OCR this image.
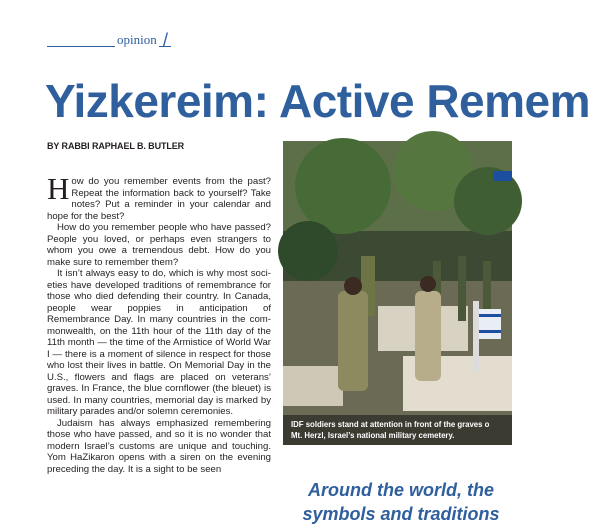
opinion /
Yizkereim: Active Remem
BY RABBI RAPHAEL B. BUTLER

How do you remember events from the past? Repeat the information back to yourself? Take notes? Put a reminder in your calendar and hope for the best?

How do you remember people who have passed? People you loved, or perhaps even strangers to whom you owe a tremendous debt. How do you make sure to remember them?

It isn’t always easy to do, which is why most societies have developed traditions of remembrance for those who died defending their country. In Canada, people wear poppies in anticipation of Remembrance Day. In many countries in the commonwealth, on the 11th hour of the 11th day of the 11th month — the time of the Armistice of World War I — there is a moment of silence in respect for those who lost their lives in battle. On Memorial Day in the U.S., flowers and flags are placed on veterans’ graves. In France, the blue cornflower (the bleuet) is used. In many countries, memorial day is marked by military parades and/or solemn ceremonies.

Judaism has always emphasized remembering those who have passed, and so it is no wonder that modern Israel’s customs are unique and touching. Yom HaZikaron opens with a siren on the evening preceding the day. It is a sight to be seen

IDF soldiers stand at attention in front of the graves o
Mt. Herzl, Israel’s national military cemetery.
Around the world, the
symbols and traditions
